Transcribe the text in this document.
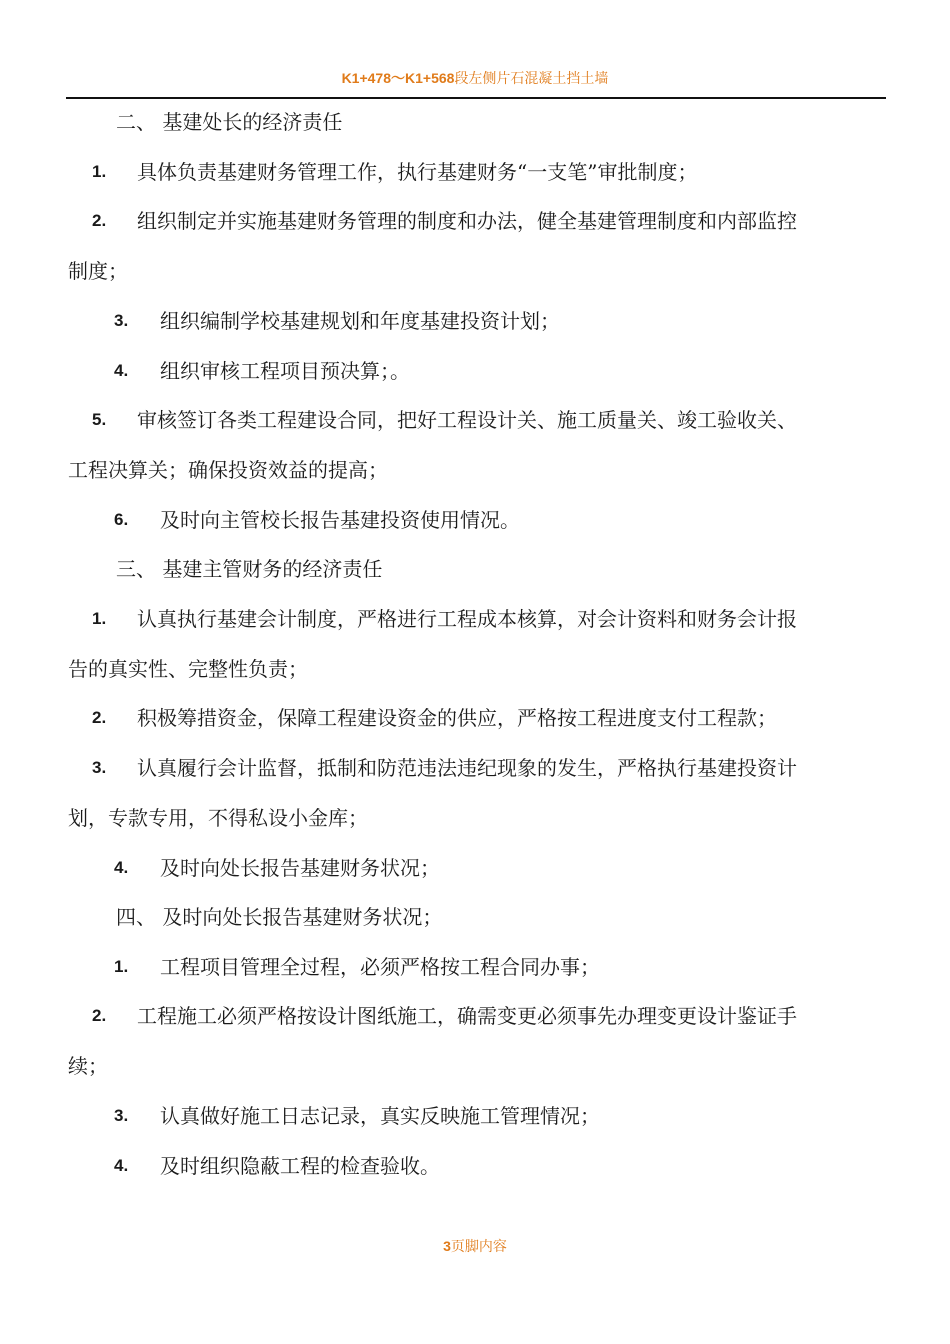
K1+478～K1+568段左侧片石混凝土挡土墙
二、 基建处长的经济责任
1. 具体负责基建财务管理工作，执行基建财务“一支笔”审批制度；
2. 组织制定并实施基建财务管理的制度和办法，健全基建管理制度和内部监控
制度；
3. 组织编制学校基建规划和年度基建投资计划；
4. 组织审核工程项目预决算；。
5. 审核签订各类工程建设合同，把好工程设计关、施工质量关、竣工验收关、
工程决算关；确保投资效益的提高；
6. 及时向主管校长报告基建投资使用情况。
三、 基建主管财务的经济责任
1. 认真执行基建会计制度，严格进行工程成本核算，对会计资料和财务会计报
告的真实性、完整性负责；
2. 积极筹措资金，保障工程建设资金的供应，严格按工程进度支付工程款；
3. 认真履行会计监督，抵制和防范违法违纪现象的发生，严格执行基建投资计
划，专款专用，不得私设小金库；
4. 及时向处长报告基建财务状况；
四、 及时向处长报告基建财务状况；
1. 工程项目管理全过程，必须严格按工程合同办事；
2. 工程施工必须严格按设计图纸施工，确需变更必须事先办理变更设计鉴证手
续；
3. 认真做好施工日志记录，真实反映施工管理情况；
4. 及时组织隐蔽工程的检查验收。
3页脚内容
